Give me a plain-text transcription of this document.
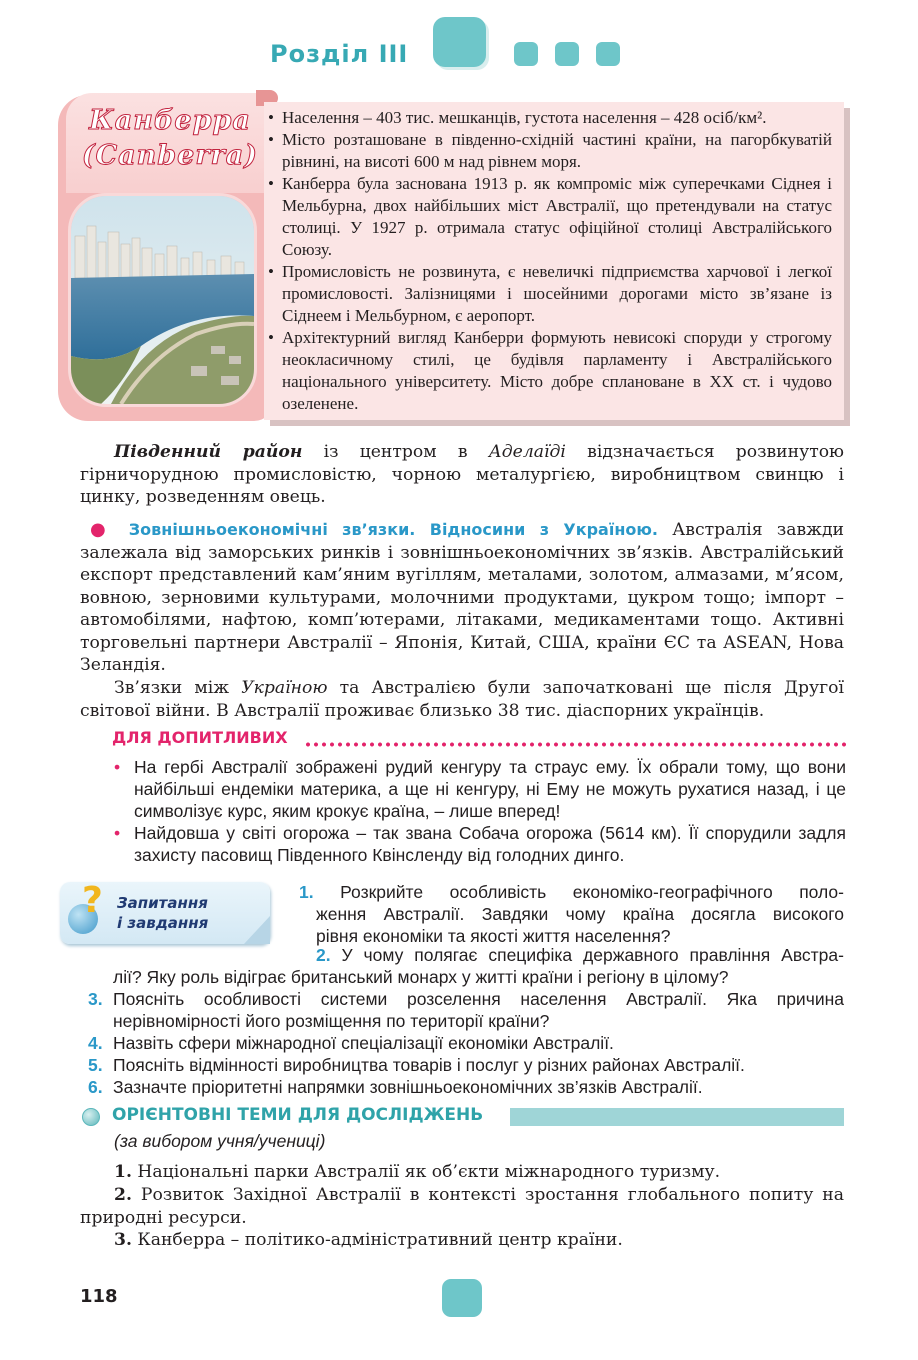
Розділ III
Канберра
(Canberra)
• Населення – 403 тис. мешканців, густота населення – 428 осіб/км².
• Місто розташоване в південно-східній частині країни, на пагорбкуватій рівнині, на висоті 600 м над рівнем моря.
• Канберра була заснована 1913 р. як компроміс між суперечками Сіднея і Мельбурна, двох найбільших міст Австралії, що претендували на статус столиці. У 1927 р. отримала статус офіційної столиці Австралійського Союзу.
• Промисловість не розвинута, є невеличкі підприємства харчової і легкої промисловості. Залізницями і шосейними дорогами місто зв’язане із Сіднеем і Мельбурном, є аеропорт.
• Архітектурний вигляд Канберри формують невисокі споруди у строгому неокласичному стилі, це будівля парламенту і Австралійського національного університету. Місто добре сплановане в XX ст. і чудово озеленене.

Південний район із центром в Аделаїді відзначається розвинутою гірничорудною промисловістю, чорною металургією, виробництвом свинцю і цинку, розведенням овець.

● Зовнішньоекономічні зв’язки. Відносини з Україною. Австралія завжди залежала від заморських ринків і зовнішньоекономічних зв’язків. Австралійський експорт представлений кам’яним вугіллям, металами, золотом, алмазами, м’ясом, вовною, зерновими культурами, молочними продуктами, цукром тощо; імпорт – автомобілями, нафтою, комп’ютерами, літаками, медикаментами тощо. Активні торговельні партнери Австралії – Японія, Китай, США, країни ЄС та ASEAN, Нова Зеландія.

Зв’язки між Україною та Австралією були започатковані ще після Другої світової війни. В Австралії проживає близько 38 тис. діаспорних українців.

ДЛЯ ДОПИТЛИВИХ
• На гербі Австралії зображені рудий кенгуру та страус ему. Їх обрали тому, що вони найбільші ендеміки материка, а ще ні кенгуру, ні Ему не можуть рухатися назад, і це символізує курс, яким крокує країна, – лише вперед!
• Найдовша у світі огорожа – так звана Собача огорожа (5614 км). Її спорудили задля захисту пасовищ Південного Квінсленду від голодних динго.
? Запитання
і завдання
1. Розкрийте особливість економіко-географічного поло-
ження Австралії. Завдяки чому країна досягла високого
рівня економіки та якості життя населення?
2. У чому полягає специфіка державного правління Австра-
лії? Яку роль відіграє британський монарх у житті країни і регіону в цілому?
3. Поясніть особливості системи розселення населення Австралії. Яка причина нерівномірності його розміщення по території країни?
4. Назвіть сфери міжнародної спеціалізації економіки Австралії.
5. Поясніть відмінності виробництва товарів і послуг у різних районах Австралії.
6. Зазначте пріоритетні напрямки зовнішньоекономічних зв’язків Австралії.
ОРІЄНТОВНІ ТЕМИ ДЛЯ ДОСЛІДЖЕНЬ
(за вибором учня/учениці)

1. Національні парки Австралії як об’єкти міжнародного туризму.

2. Розвиток Західної Австралії в контексті зростання глобального попиту на природні ресурси.

3. Канберра – політико-адміністративний центр країни.

118
